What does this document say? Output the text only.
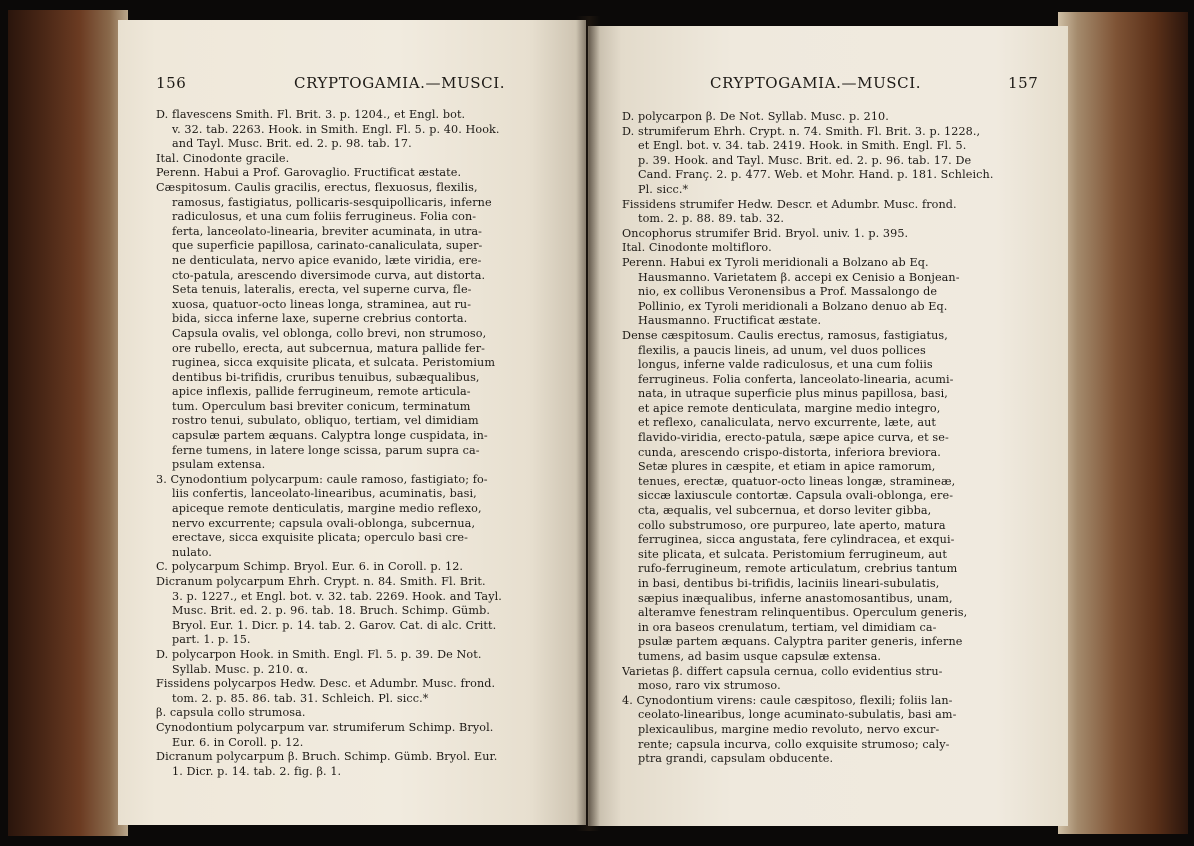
156	CRYPTOGAMIA.—MUSCI.
D. flavescens Smith. Fl. Brit. 3. p. 1204., et Engl. bot.
v. 32. tab. 2263. Hook. in Smith. Engl. Fl. 5. p. 40. Hook.
and Tayl. Musc. Brit. ed. 2. p. 98. tab. 17.
Ital. Cinodonte gracile.
Perenn. Habui a Prof. Garovaglio. Fructificat æstate.
Cæspitosum. Caulis gracilis, erectus, flexuosus, flexilis,
ramosus, fastigiatus, pollicaris-sesquipollicaris, inferne
radiculosus, et una cum foliis ferrugineus. Folia con-
ferta, lanceolato-linearia, breviter acuminata, in utra-
que superficie papillosa, carinato-canaliculata, super-
ne denticulata, nervo apice evanido, læte viridia, ere-
cto-patula, arescendo diversimode curva, aut distorta.
Seta tenuis, lateralis, erecta, vel superne curva, fle-
xuosa, quatuor-octo lineas longa, straminea, aut ru-
bida, sicca inferne laxe, superne crebrius contorta.
Capsula ovalis, vel oblonga, collo brevi, non strumoso,
ore rubello, erecta, aut subcernua, matura pallide fer-
ruginea, sicca exquisite plicata, et sulcata. Peristomium
dentibus bi-trifidis, cruribus tenuibus, subæqualibus,
apice inflexis, pallide ferrugineum, remote articula-
tum. Operculum basi breviter conicum, terminatum
rostro tenui, subulato, obliquo, tertiam, vel dimidiam
capsulæ partem æquans. Calyptra longe cuspidata, in-
ferne tumens, in latere longe scissa, parum supra ca-
psulam extensa.
3. Cynodontium polycarpum: caule ramoso, fastigiato; fo-
liis confertis, lanceolato-linearibus, acuminatis, basi,
apiceque remote denticulatis, margine medio reflexo,
nervo excurrente; capsula ovali-oblonga, subcernua,
erectave, sicca exquisite plicata; operculo basi cre-
nulato.
C. polycarpum Schimp. Bryol. Eur. 6. in Coroll. p. 12.
Dicranum polycarpum Ehrh. Crypt. n. 84. Smith. Fl. Brit.
3. p. 1227., et Engl. bot. v. 32. tab. 2269. Hook. and Tayl.
Musc. Brit. ed. 2. p. 96. tab. 18. Bruch. Schimp. Gümb.
Bryol. Eur. 1. Dicr. p. 14. tab. 2. Garov. Cat. di alc. Critt.
part. 1. p. 15.
D. polycarpon Hook. in Smith. Engl. Fl. 5. p. 39. De Not.
Syllab. Musc. p. 210. α.
Fissidens polycarpos Hedw. Desc. et Adumbr. Musc. frond.
tom. 2. p. 85. 86. tab. 31. Schleich. Pl. sicc.*
β. capsula collo strumosa.
Cynodontium polycarpum var. strumiferum Schimp. Bryol.
Eur. 6. in Coroll. p. 12.
Dicranum polycarpum β. Bruch. Schimp. Gümb. Bryol. Eur.
1. Dicr. p. 14. tab. 2. fig. β. 1.
CRYPTOGAMIA.—MUSCI.	157
D. polycarpon β. De Not. Syllab. Musc. p. 210.
D. strumiferum Ehrh. Crypt. n. 74. Smith. Fl. Brit. 3. p. 1228.,
et Engl. bot. v. 34. tab. 2419. Hook. in Smith. Engl. Fl. 5.
p. 39. Hook. and Tayl. Musc. Brit. ed. 2. p. 96. tab. 17. De
Cand. Franç. 2. p. 477. Web. et Mohr. Hand. p. 181. Schleich.
Pl. sicc.*
Fissidens strumifer Hedw. Descr. et Adumbr. Musc. frond.
tom. 2. p. 88. 89. tab. 32.
Oncophorus strumifer Brid. Bryol. univ. 1. p. 395.
Ital. Cinodonte moltifloro.
Perenn. Habui ex Tyroli meridionali a Bolzano ab Eq.
Hausmanno. Varietatem β. accepi ex Cenisio a Bonjean-
nio, ex collibus Veronensibus a Prof. Massalongo de
Pollinio, ex Tyroli meridionali a Bolzano denuo ab Eq.
Hausmanno. Fructificat æstate.
Dense cæspitosum. Caulis erectus, ramosus, fastigiatus,
flexilis, a paucis lineis, ad unum, vel duos pollices
longus, inferne valde radiculosus, et una cum foliis
ferrugineus. Folia conferta, lanceolato-linearia, acumi-
nata, in utraque superficie plus minus papillosa, basi,
et apice remote denticulata, margine medio integro,
et reflexo, canaliculata, nervo excurrente, læte, aut
flavido-viridia, erecto-patula, sæpe apice curva, et se-
cunda, arescendo crispo-distorta, inferiora breviora.
Setæ plures in cæspite, et etiam in apice ramorum,
tenues, erectæ, quatuor-octo lineas longæ, stramineæ,
siccæ laxiuscule contortæ. Capsula ovali-oblonga, ere-
cta, æqualis, vel subcernua, et dorso leviter gibba,
collo substrumoso, ore purpureo, late aperto, matura
ferruginea, sicca angustata, fere cylindracea, et exqui-
site plicata, et sulcata. Peristomium ferrugineum, aut
rufo-ferrugineum, remote articulatum, crebrius tantum
in basi, dentibus bi-trifidis, laciniis lineari-subulatis,
sæpius inæqualibus, inferne anastomosantibus, unam,
alteramve fenestram relinquentibus. Operculum generis,
in ora baseos crenulatum, tertiam, vel dimidiam ca-
psulæ partem æquans. Calyptra pariter generis, inferne
tumens, ad basim usque capsulæ extensa.
Varietas β. differt capsula cernua, collo evidentius stru-
moso, raro vix strumoso.
4. Cynodontium virens: caule cæspitoso, flexili; foliis lan-
ceolato-linearibus, longe acuminato-subulatis, basi am-
plexicaulibus, margine medio revoluto, nervo excur-
rente; capsula incurva, collo exquisite strumoso; caly-
ptra grandi, capsulam obducente.
